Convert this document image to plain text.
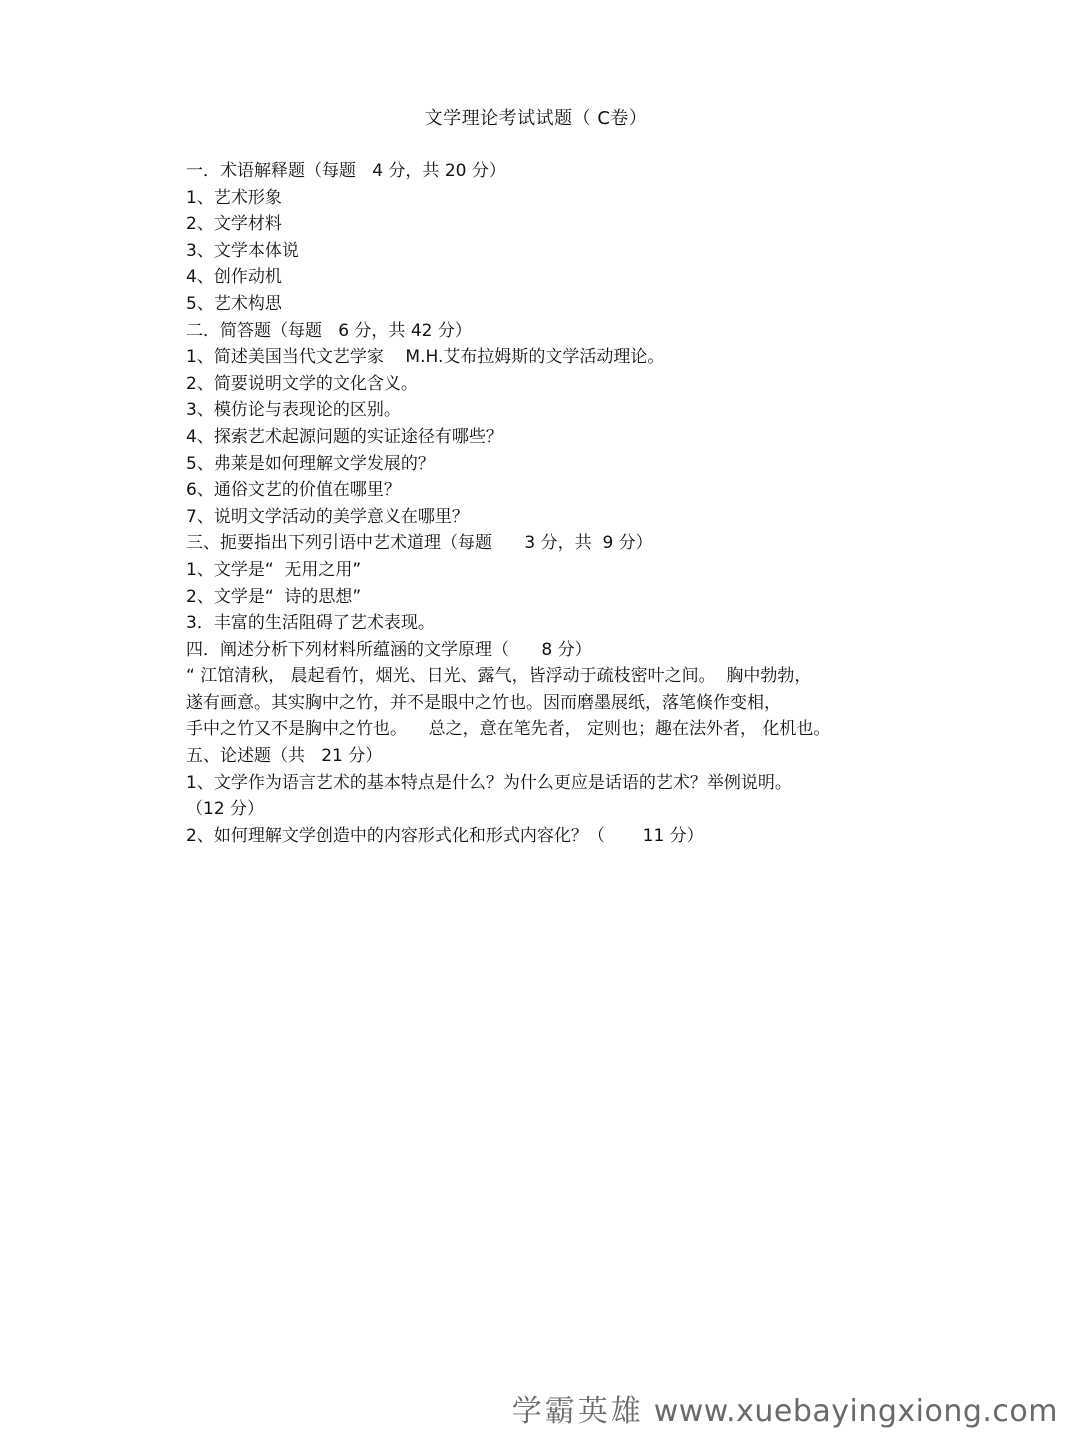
文学理论考试试题（ C卷）
一．术语解释题（每题   4 分，共 20 分）
1、艺术形象
2、文学材料
3、文学本体说
4、创作动机
5、艺术构思
二．简答题（每题   6 分，共 42 分）
1、简述美国当代文艺学家    M.H.艾布拉姆斯的文学活动理论。
2、简要说明文学的文化含义。
3、模仿论与表现论的区别。
4、探索艺术起源问题的实证途径有哪些？
5、弗莱是如何理解文学发展的？
6、通俗文艺的价值在哪里？
7、说明文学活动的美学意义在哪里？
三、扼要指出下列引语中艺术道理（每题      3 分，共  9 分）
1、文学是“  无用之用”
2、文学是“  诗的思想”
3．丰富的生活阻碍了艺术表现。
四．阐述分析下列材料所蕴涵的文学原理（      8 分）
“ 江馆清秋， 晨起看竹，烟光、日光、露气，皆浮动于疏枝密叶之间。  胸中勃勃，
遂有画意。其实胸中之竹，并不是眼中之竹也。因而磨墨展纸，落笔倏作变相，
手中之竹又不是胸中之竹也。    总之，意在笔先者， 定则也；趣在法外者， 化机也。
五、论述题（共   21 分）
1、文学作为语言艺术的基本特点是什么？为什么更应是话语的艺术？举例说明。
（12 分）
2、如何理解文学创造中的内容形式化和形式内容化？（       11 分）
学霸英雄 www.xuebayingxiong.com
